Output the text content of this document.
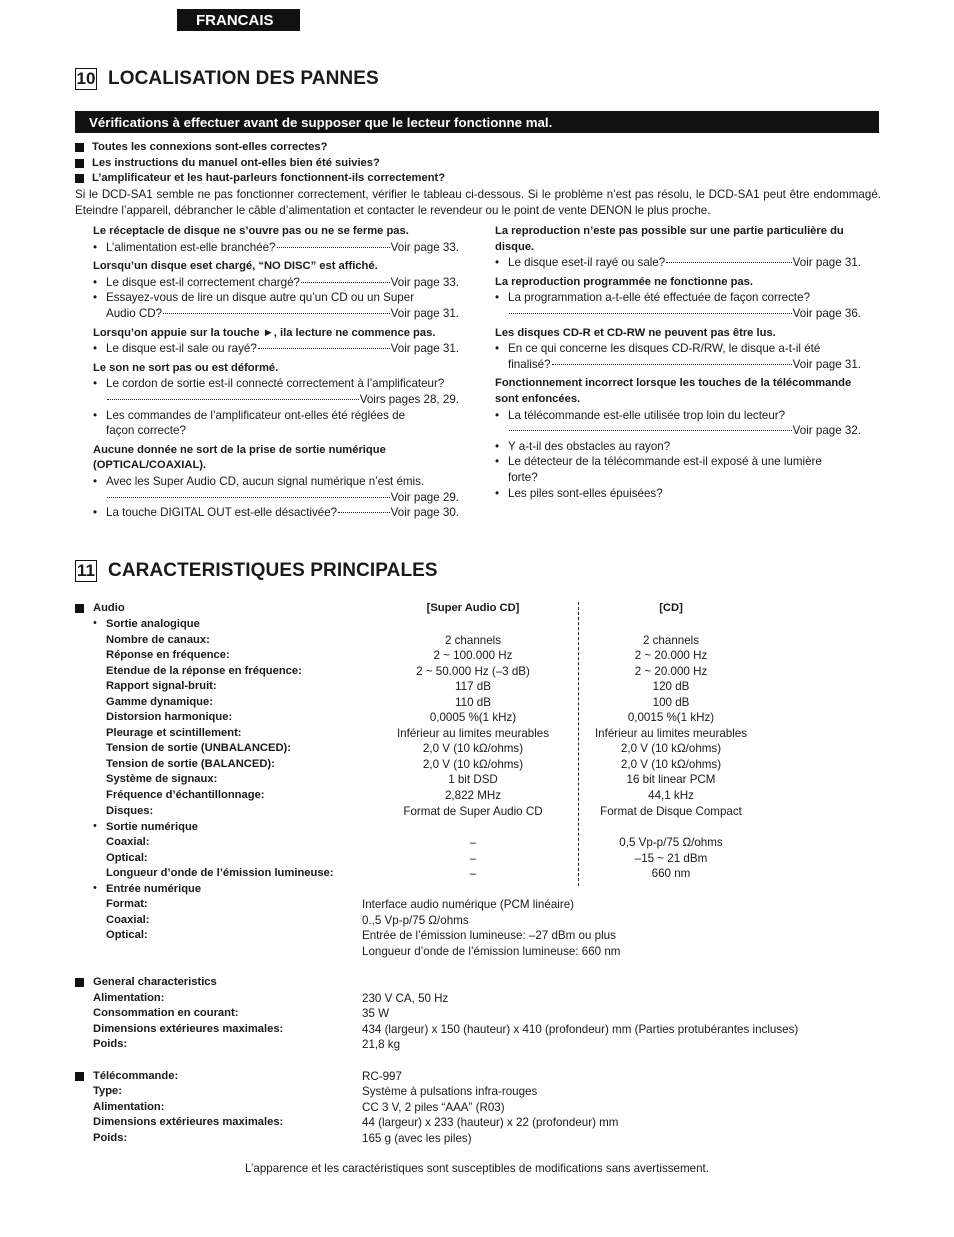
FRANCAIS
10 LOCALISATION DES PANNES
Vérifications à effectuer avant de supposer que le lecteur fonctionne mal.
Toutes les connexions sont-elles correctes?
Les instructions du manuel ont-elles bien été suivies?
L’amplificateur et les haut-parleurs fonctionnent-ils correctement?
Si le DCD-SA1 semble ne pas fonctionner correctement, vérifier le tableau ci-dessous. Si le problème n’est pas résolu, le DCD-SA1 peut être endommagé. Eteindre l’appareil, débrancher le câble d’alimentation et contacter le revendeur ou le point de vente DENON le plus proche.
Le réceptacle de disque ne s’ouvre pas ou ne se ferme pas.
• L’alimentation est-elle branchée?	Voir page 33.
Lorsqu’un disque eset chargé, “NO DISC” est affiché.
• Le disque est-il correctement chargé?	Voir page 33.
• Essayez-vous de lire un disque autre qu’un CD ou un Super
Audio CD?	Voir page 31.
Lorsqu’on appuie sur la touche ►, ila lecture ne commence pas.
• Le disque est-il sale ou rayé?	Voir page 31.
Le son ne sort pas ou est déformé.
• Le cordon de sortie est-il connecté correctement à l’amplificateur?
Voirs pages 28, 29.
• Les commandes de l’amplificateur ont-elles été réglées de
façon correcte?
Aucune donnée ne sort de la prise de sortie numérique (OPTICAL/COAXIAL).
• Avec les Super Audio CD, aucun signal numérique n’est émis.
Voir page 29.
• La touche DIGITAL OUT est-elle désactivée?	Voir page 30.
La reproduction n’este pas possible sur une partie particulière du disque.
• Le disque eset-il rayé ou sale?	Voir page 31.
La reproduction programmée ne fonctionne pas.
• La programmation a-t-elle été effectuée de façon correcte?
Voir page 36.
Les disques CD-R et CD-RW ne peuvent pas être lus.
• En ce qui concerne les disques CD-R/RW, le disque a-t-il été
finalisé?	Voir page 31.
Fonctionnement incorrect lorsque les touches de la télécommande sont enfoncées.
• La télécommande est-elle utilisée trop loin du lecteur?
Voir page 32.
• Y a-t-il des obstacles au rayon?
• Le détecteur de la télécommande est-il exposé à une lumière
forte?
• Les piles sont-elles épuisées?
11 CARACTERISTIQUES PRINCIPALES
Audio	[Super Audio CD]	[CD]
• Sortie analogique
Nombre de canaux:	2 channels	2 channels
Réponse en fréquence:	2 ~ 100.000 Hz	2 ~ 20.000 Hz
Etendue de la réponse en fréquence:	2 ~ 50.000 Hz (–3 dB)	2 ~ 20.000 Hz
Rapport signal-bruit:	117 dB	120 dB
Gamme dynamique:	110 dB	100 dB
Distorsion harmonique:	0,0005 %(1 kHz)	0,0015 %(1 kHz)
Pleurage et scintillement:	Inférieur au limites meurables	Inférieur au limites meurables
Tension de sortie (UNBALANCED):	2,0 V (10 kΩ/ohms)	2,0 V (10 kΩ/ohms)
Tension de sortie (BALANCED):	2,0 V (10 kΩ/ohms)	2,0 V (10 kΩ/ohms)
Système de signaux:	1 bit DSD	16 bit linear PCM
Fréquence d’échantillonnage:	2,822 MHz	44,1 kHz
Disques:	Format de Super Audio CD	Format de Disque Compact
• Sortie numérique
Coaxial:	–	0,5 Vp-p/75 Ω/ohms
Optical:	–	–15 ~ 21 dBm
Longueur d’onde de l’émission lumineuse:	–	660 nm
• Entrée numérique
Format:	Interface audio numérique (PCM linéaire)
Coaxial:	0.,5 Vp-p/75 Ω/ohms
Optical:	Entrée de l’émission lumineuse: –27 dBm ou plus
Longueur d’onde de l’émission lumineuse: 660 nm
General characteristics
Alimentation:	230 V CA, 50 Hz
Consommation en courant:	35 W
Dimensions extérieures maximales:	434 (largeur) x 150 (hauteur) x 410 (profondeur) mm (Parties protubérantes incluses)
Poids:	21,8 kg
Télécommande:	RC-997
Type:	Système à pulsations infra-rouges
Alimentation:	CC 3 V, 2 piles “AAA” (R03)
Dimensions extérieures maximales:	44 (largeur) x 233 (hauteur) x 22 (profondeur) mm
Poids:	165 g (avec les piles)
L’apparence et les caractéristiques sont susceptibles de modifications sans avertissement.
